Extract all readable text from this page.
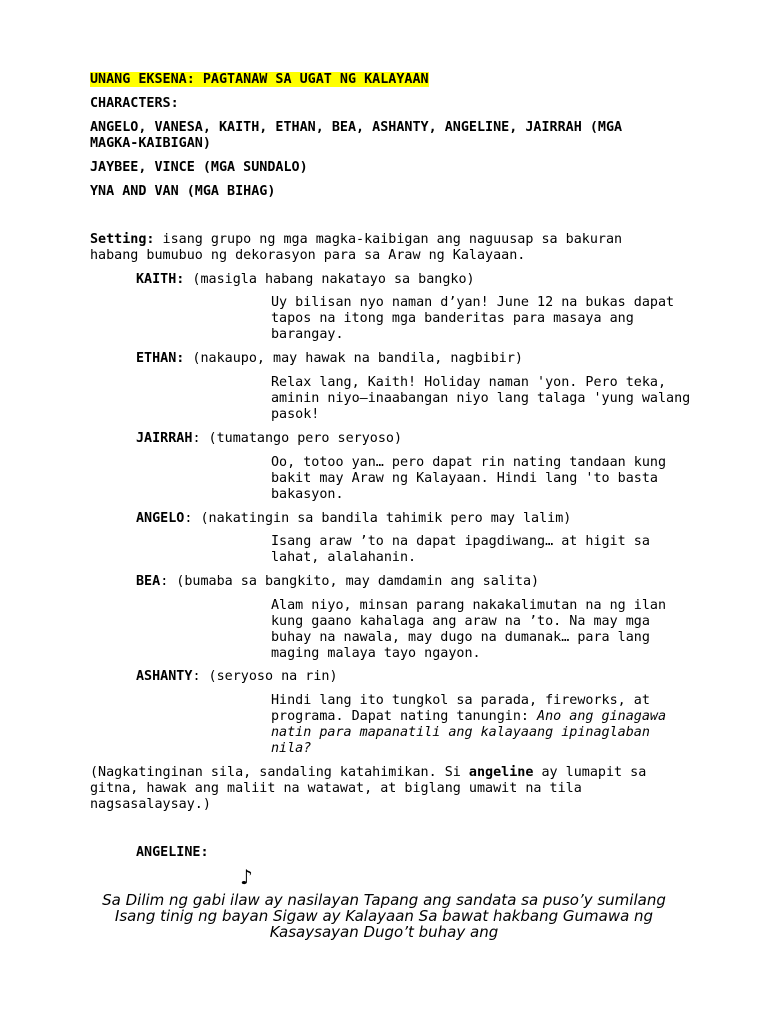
UNANG EKSENA: PAGTANAW SA UGAT NG KALAYAAN

CHARACTERS:

ANGELO, VANESA, KAITH, ETHAN, BEA, ASHANTY, ANGELINE, JAIRRAH (MGA MAGKA-KAIBIGAN)

JAYBEE, VINCE (MGA SUNDALO)

YNA AND VAN (MGA BIHAG)

Setting: isang grupo ng mga magka-kaibigan ang naguusap sa bakuran habang bumubuo ng dekorasyon para sa Araw ng Kalayaan.

KAITH: (masigla habang nakatayo sa bangko)

Uy bilisan nyo naman d’yan! June 12 na bukas dapat tapos na itong mga banderitas para masaya ang barangay.

ETHAN: (nakaupo, may hawak na bandila, nagbibir)

Relax lang, Kaith! Holiday naman 'yon. Pero teka, aminin niyo—inaabangan niyo lang talaga 'yung walang pasok!

JAIRRAH: (tumatango pero seryoso)

Oo, totoo yan… pero dapat rin nating tandaan kung bakit may Araw ng Kalayaan. Hindi lang 'to basta bakasyon.

ANGELO: (nakatingin sa bandila tahimik pero may lalim)

Isang araw ’to na dapat ipagdiwang… at higit sa lahat, alalahanin.

BEA: (bumaba sa bangkito, may damdamin ang salita)

Alam niyo, minsan parang nakakalimutan na ng ilan kung gaano kahalaga ang araw na ’to. Na may mga buhay na nawala, may dugo na dumanak… para lang maging malaya tayo ngayon.

ASHANTY: (seryoso na rin)

Hindi lang ito tungkol sa parada, fireworks, at programa. Dapat nating tanungin: Ano ang ginagawa natin para mapanatili ang kalayaang ipinaglaban nila?

(Nagkatinginan sila, sandaling katahimikan. Si angeline ay lumapit sa gitna, hawak ang maliit na watawat, at biglang umawit na tila nagsasalaysay.)

ANGELINE:

♪

Sa Dilim ng gabi ilaw ay nasilayan Tapang ang sandata sa puso’y sumilang Isang tinig ng bayan Sigaw ay Kalayaan Sa bawat hakbang Gumawa ng Kasaysayan Dugo’t buhay ang
